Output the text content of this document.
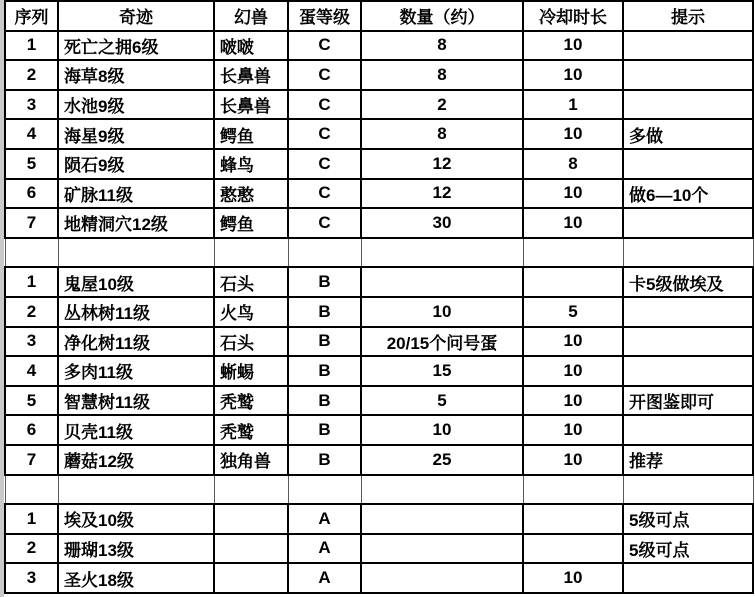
序列	奇迹	幻兽	蛋等级	数量（约）	冷却时长	提示
1	死亡之拥6级	啵啵	C	8	10	
2	海草8级	长鼻兽	C	8	10	
3	水池9级	长鼻兽	C	2	1	
4	海星9级	鳄鱼	C	8	10	多做
5	陨石9级	蜂鸟	C	12	8	
6	矿脉11级	憨憨	C	12	10	做6—10个
7	地精洞穴12级	鳄鱼	C	30	10	

1	鬼屋10级	石头	B			卡5级做埃及
2	丛林树11级	火鸟	B	10	5	
3	净化树11级	石头	B	20/15个问号蛋	10	
4	多肉11级	蜥蜴	B	15	10	
5	智慧树11级	秃鹫	B	5	10	开图鉴即可
6	贝壳11级	秃鹫	B	10	10	
7	蘑菇12级	独角兽	B	25	10	推荐

1	埃及10级		A			5级可点
2	珊瑚13级		A			5级可点
3	圣火18级		A		10	
